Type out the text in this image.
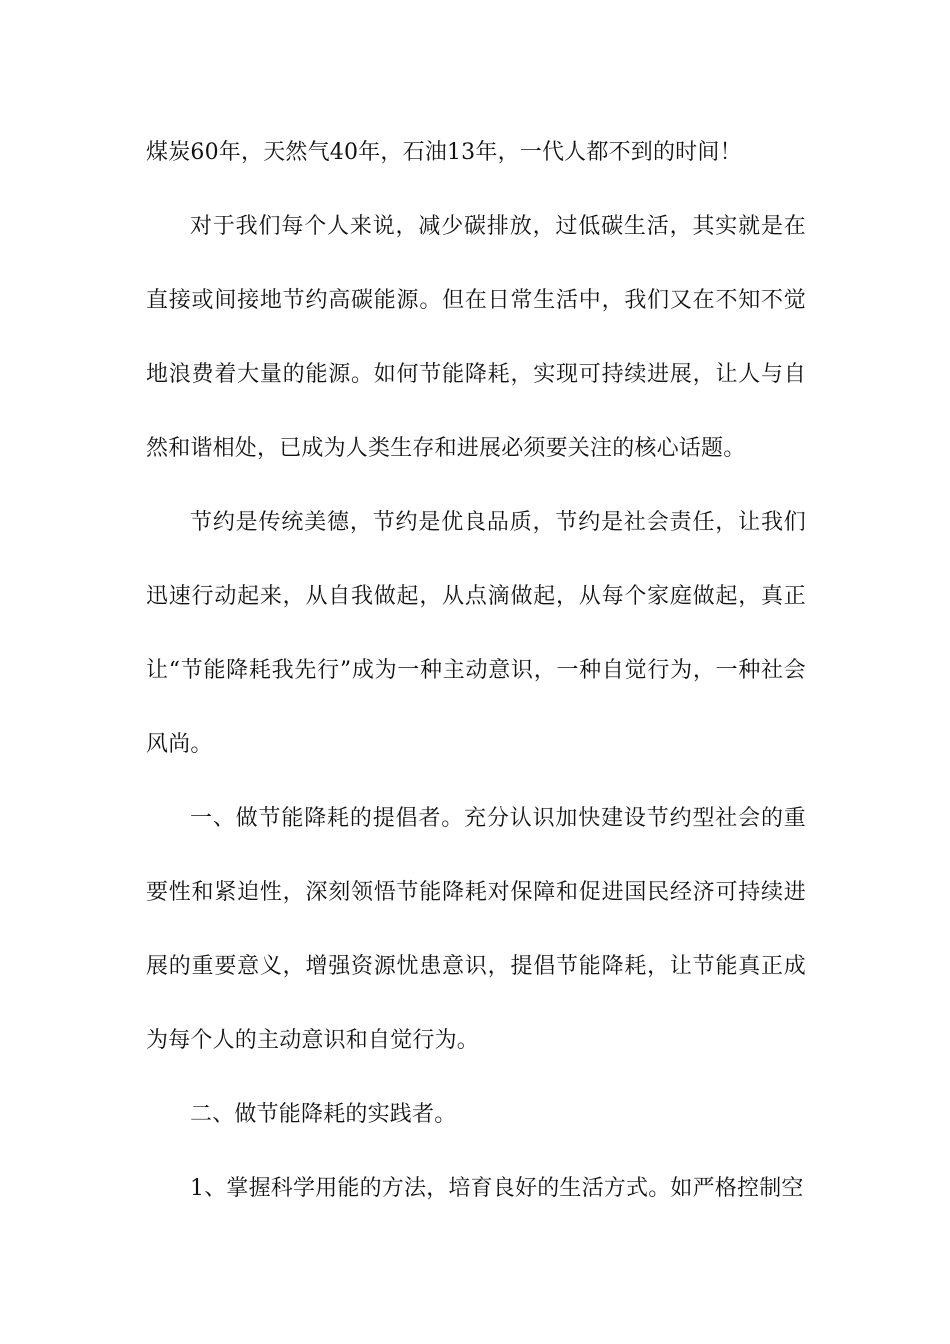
煤炭60年，天然气40年，石油13年，一代人都不到的时间！

对于我们每个人来说，减少碳排放，过低碳生活，其实就是在直接或间接地节约高碳能源。但在日常生活中，我们又在不知不觉地浪费着大量的能源。如何节能降耗，实现可持续进展，让人与自然和谐相处，已成为人类生存和进展必须要关注的核心话题。

节约是传统美德，节约是优良品质，节约是社会责任，让我们迅速行动起来，从自我做起，从点滴做起，从每个家庭做起，真正让“节能降耗我先行”成为一种主动意识，一种自觉行为，一种社会风尚。

一、做节能降耗的提倡者。充分认识加快建设节约型社会的重要性和紧迫性，深刻领悟节能降耗对保障和促进国民经济可持续进展的重要意义，增强资源忧患意识，提倡节能降耗，让节能真正成为每个人的主动意识和自觉行为。

二、做节能降耗的实践者。

1、掌握科学用能的方法，培育良好的生活方式。如严格控制空
